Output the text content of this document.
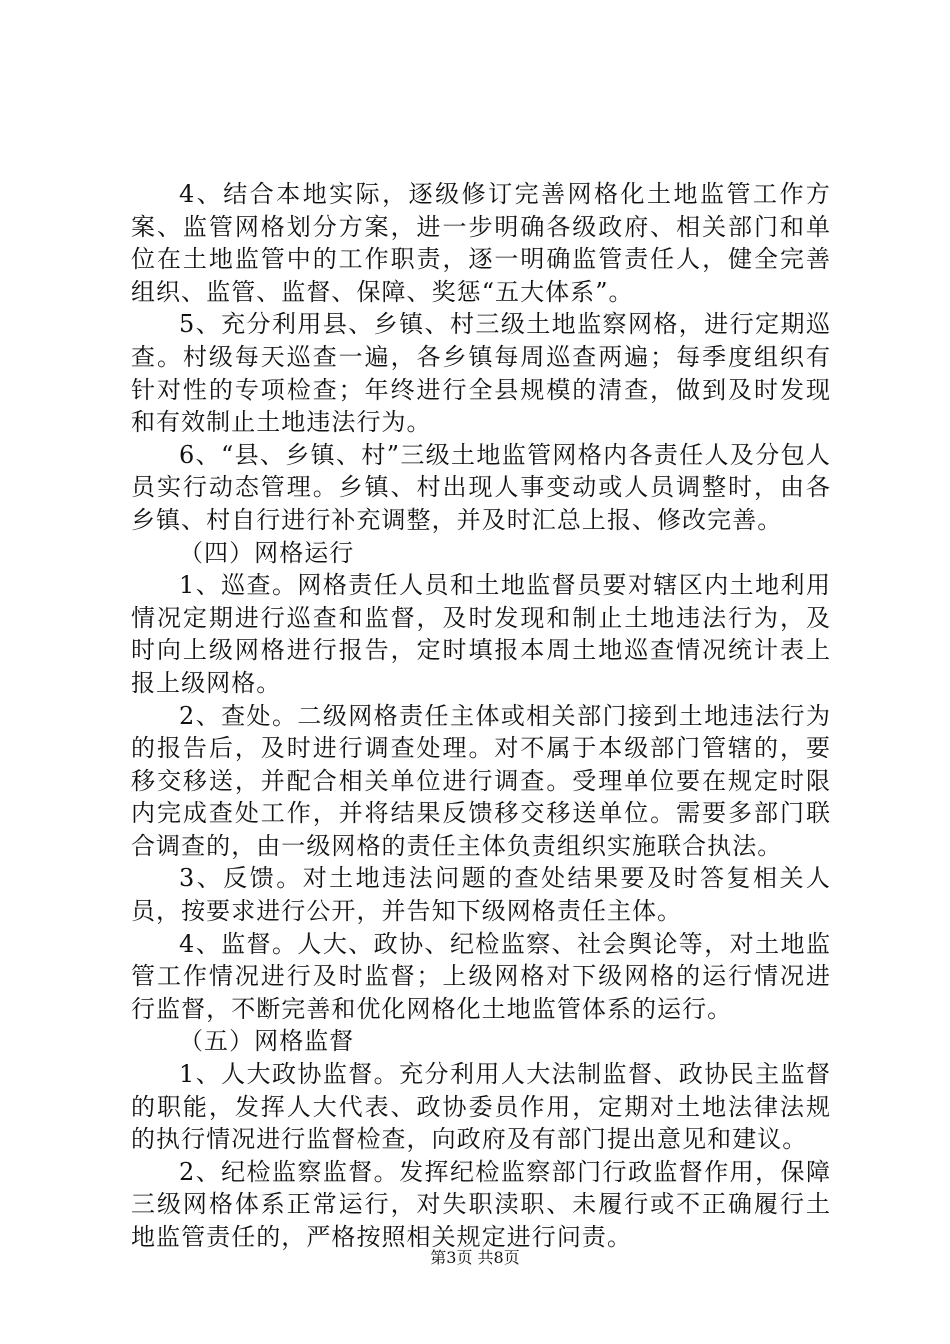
4、结合本地实际，逐级修订完善网格化土地监管工作方案、监管网格划分方案，进一步明确各级政府、相关部门和单位在土地监管中的工作职责，逐一明确监管责任人，健全完善组织、监管、监督、保障、奖惩“五大体系”。

5、充分利用县、乡镇、村三级土地监察网格，进行定期巡查。村级每天巡查一遍，各乡镇每周巡查两遍；每季度组织有针对性的专项检查；年终进行全县规模的清查，做到及时发现和有效制止土地违法行为。

6、“县、乡镇、村”三级土地监管网格内各责任人及分包人员实行动态管理。乡镇、村出现人事变动或人员调整时，由各乡镇、村自行进行补充调整，并及时汇总上报、修改完善。

（四）网格运行

1、巡查。网格责任人员和土地监督员要对辖区内土地利用情况定期进行巡查和监督，及时发现和制止土地违法行为，及时向上级网格进行报告，定时填报本周土地巡查情况统计表上报上级网格。

2、查处。二级网格责任主体或相关部门接到土地违法行为的报告后，及时进行调查处理。对不属于本级部门管辖的，要移交移送，并配合相关单位进行调查。受理单位要在规定时限内完成查处工作，并将结果反馈移交移送单位。需要多部门联合调查的，由一级网格的责任主体负责组织实施联合执法。

3、反馈。对土地违法问题的查处结果要及时答复相关人员，按要求进行公开，并告知下级网格责任主体。

4、监督。人大、政协、纪检监察、社会舆论等，对土地监管工作情况进行及时监督；上级网格对下级网格的运行情况进行监督，不断完善和优化网格化土地监管体系的运行。

（五）网格监督

1、人大政协监督。充分利用人大法制监督、政协民主监督的职能，发挥人大代表、政协委员作用，定期对土地法律法规的执行情况进行监督检查，向政府及有部门提出意见和建议。

2、纪检监察监督。发挥纪检监察部门行政监督作用，保障三级网格体系正常运行，对失职渎职、未履行或不正确履行土地监管责任的，严格按照相关规定进行问责。

第3页 共8页
